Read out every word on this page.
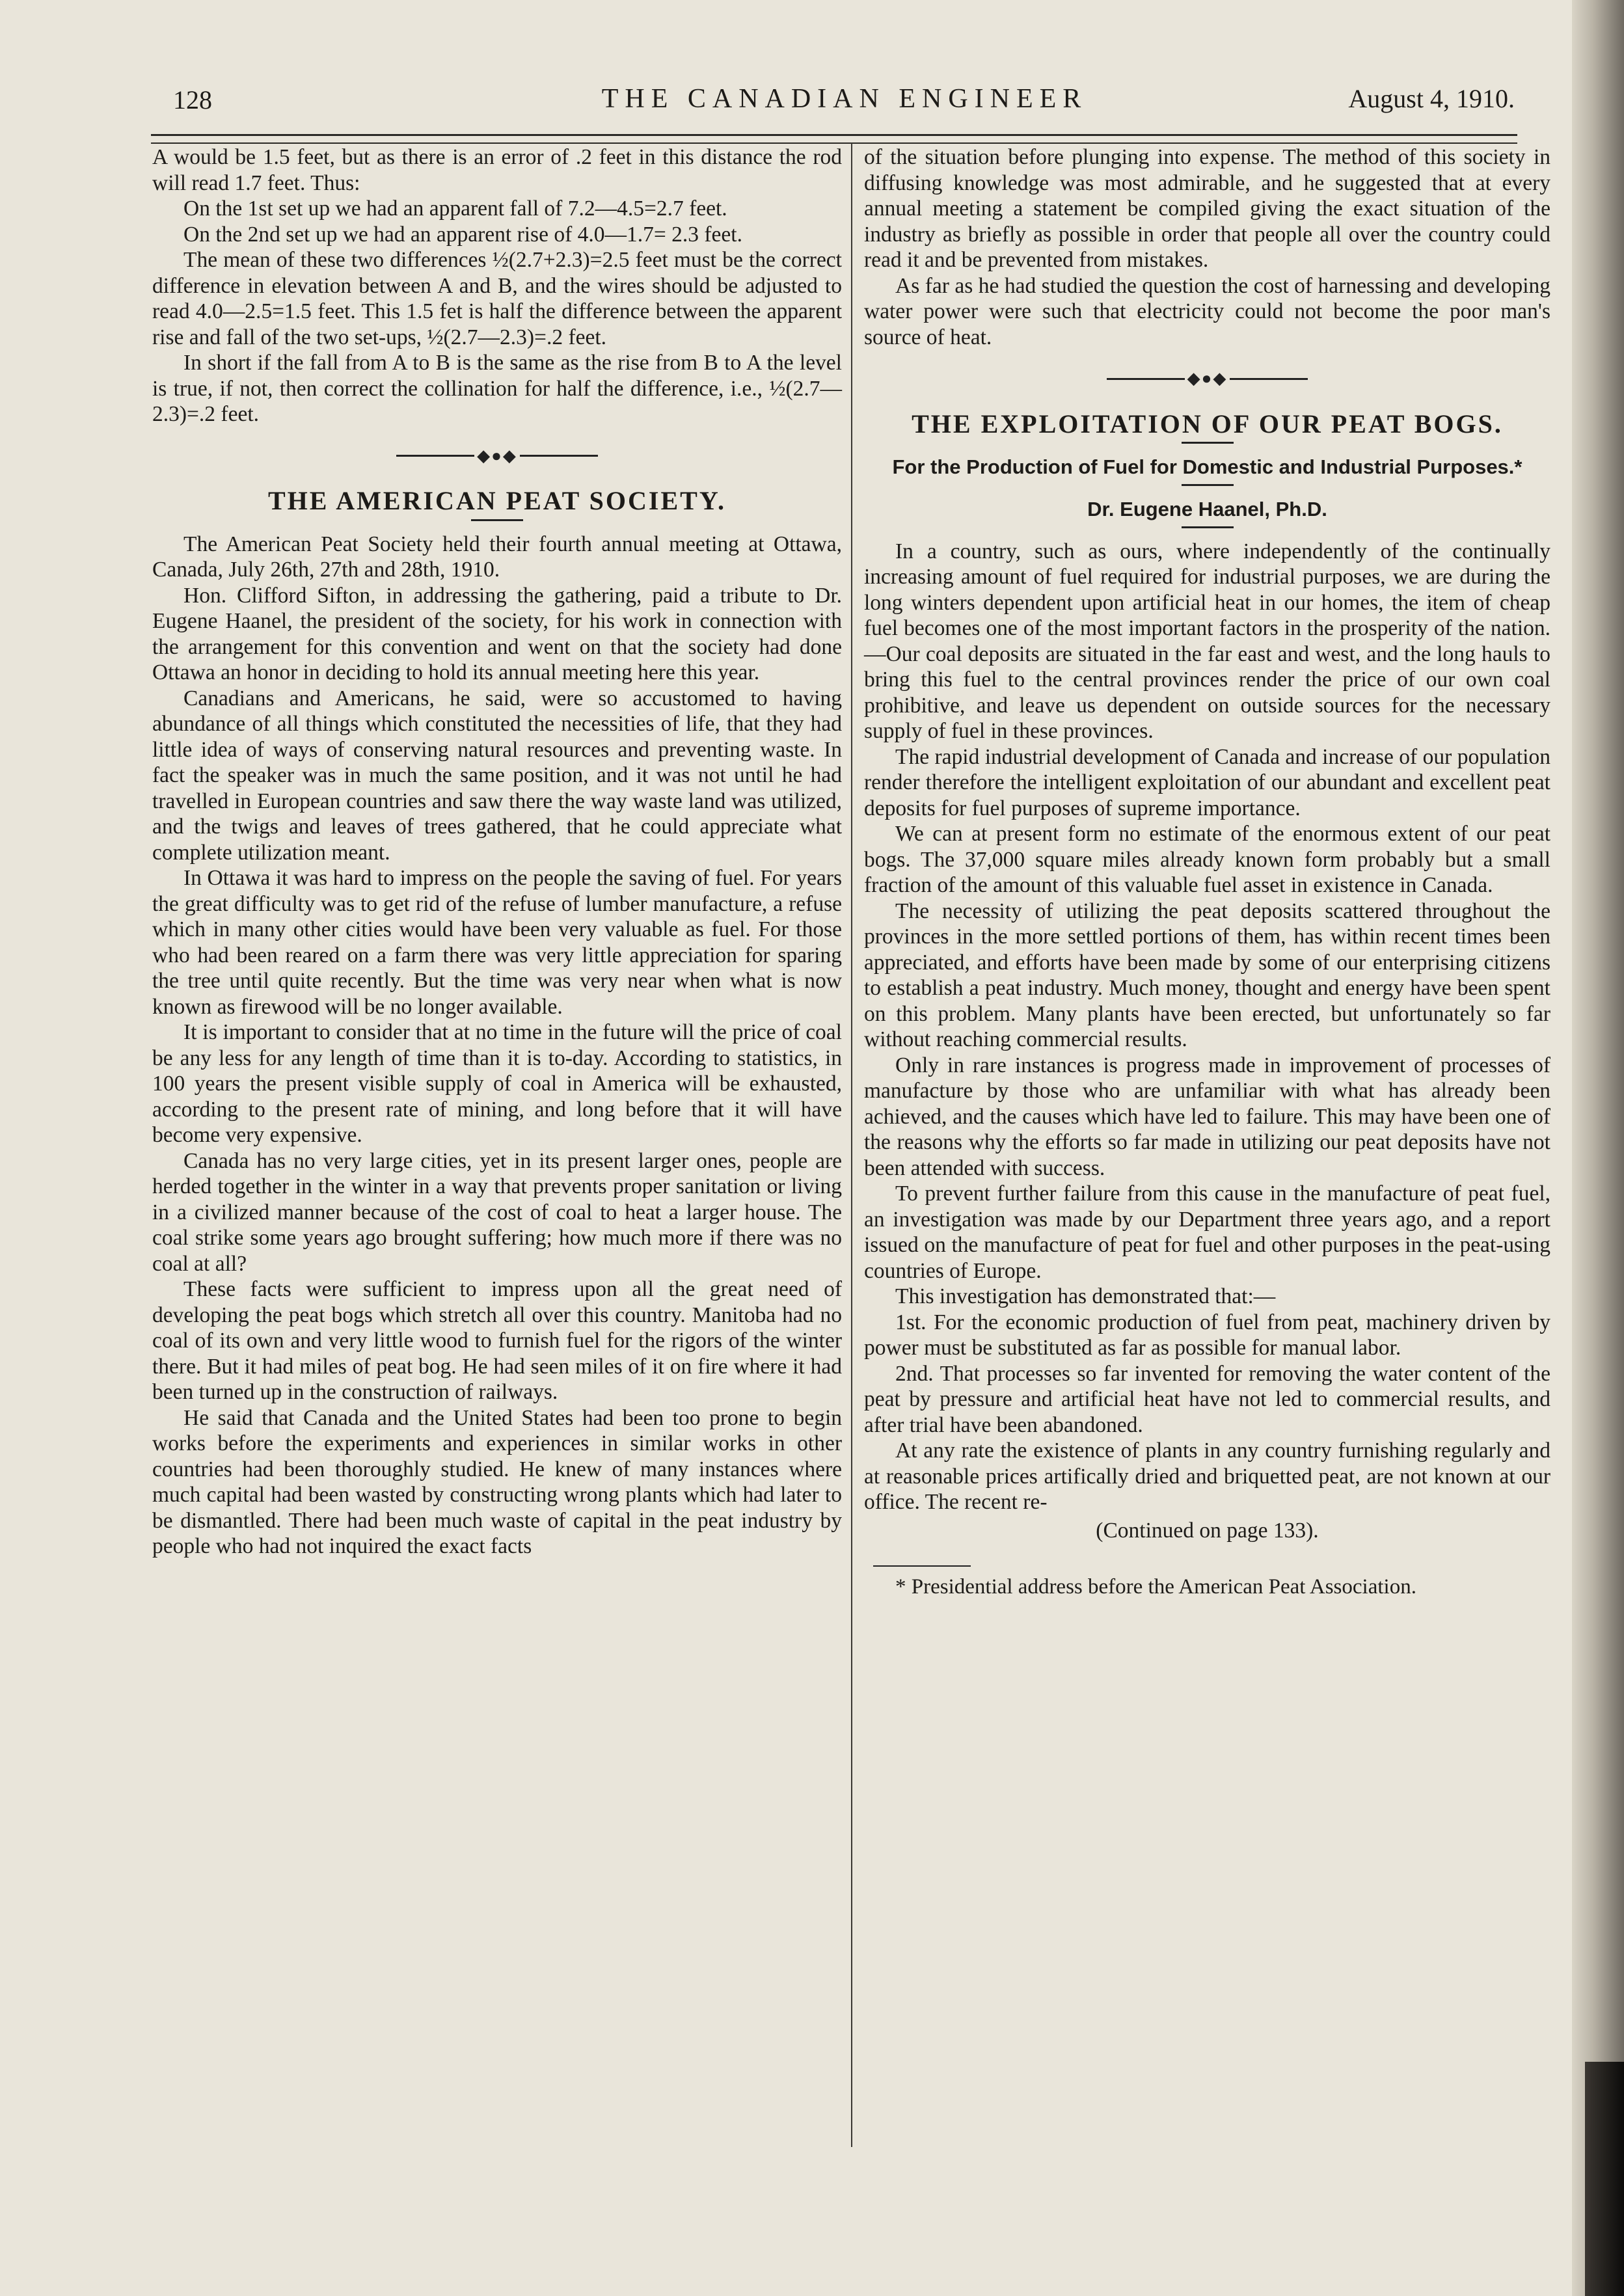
128	THE CANADIAN ENGINEER	August 4, 1910.

A would be 1.5 feet, but as there is an error of .2 feet in this distance the rod will read 1.7 feet. Thus:

On the 1st set up we had an apparent fall of 7.2—4.5=2.7 feet.

On the 2nd set up we had an apparent rise of 4.0—1.7= 2.3 feet.

The mean of these two differences ½(2.7+2.3)=2.5 feet must be the correct difference in elevation between A and B, and the wires should be adjusted to read 4.0—2.5=1.5 feet. This 1.5 fet is half the difference between the apparent rise and fall of the two set-ups, ½(2.7—2.3)=.2 feet.

In short if the fall from A to B is the same as the rise from B to A the level is true, if not, then correct the collination for half the difference, i.e., ½(2.7—2.3)=.2 feet.

◆●◆
THE AMERICAN PEAT SOCIETY.

The American Peat Society held their fourth annual meeting at Ottawa, Canada, July 26th, 27th and 28th, 1910.

Hon. Clifford Sifton, in addressing the gathering, paid a tribute to Dr. Eugene Haanel, the president of the society, for his work in connection with the arrangement for this convention and went on that the society had done Ottawa an honor in deciding to hold its annual meeting here this year.

Canadians and Americans, he said, were so accustomed to having abundance of all things which constituted the necessities of life, that they had little idea of ways of conserving natural resources and preventing waste. In fact the speaker was in much the same position, and it was not until he had travelled in European countries and saw there the way waste land was utilized, and the twigs and leaves of trees gathered, that he could appreciate what complete utilization meant.

In Ottawa it was hard to impress on the people the saving of fuel. For years the great difficulty was to get rid of the refuse of lumber manufacture, a refuse which in many other cities would have been very valuable as fuel. For those who had been reared on a farm there was very little appreciation for sparing the tree until quite recently. But the time was very near when what is now known as firewood will be no longer available.

It is important to consider that at no time in the future will the price of coal be any less for any length of time than it is to-day. According to statistics, in 100 years the present visible supply of coal in America will be exhausted, according to the present rate of mining, and long before that it will have become very expensive.

Canada has no very large cities, yet in its present larger ones, people are herded together in the winter in a way that prevents proper sanitation or living in a civilized manner because of the cost of coal to heat a larger house. The coal strike some years ago brought suffering; how much more if there was no coal at all?

These facts were sufficient to impress upon all the great need of developing the peat bogs which stretch all over this country. Manitoba had no coal of its own and very little wood to furnish fuel for the rigors of the winter there. But it had miles of peat bog. He had seen miles of it on fire where it had been turned up in the construction of railways.

He said that Canada and the United States had been too prone to begin works before the experiments and experiences in similar works in other countries had been thoroughly studied. He knew of many instances where much capital had been wasted by constructing wrong plants which had later to be dismantled. There had been much waste of capital in the peat industry by people who had not inquired the exact facts

of the situation before plunging into expense. The method of this society in diffusing knowledge was most admirable, and he suggested that at every annual meeting a statement be compiled giving the exact situation of the industry as briefly as possible in order that people all over the country could read it and be prevented from mistakes.

As far as he had studied the question the cost of harnessing and developing water power were such that electricity could not become the poor man's source of heat.

◆●◆
THE EXPLOITATION OF OUR PEAT BOGS.
For the Production of Fuel for Domestic and Industrial Purposes.*
Dr. Eugene Haanel, Ph.D.

In a country, such as ours, where independently of the continually increasing amount of fuel required for industrial purposes, we are during the long winters dependent upon artificial heat in our homes, the item of cheap fuel becomes one of the most important factors in the prosperity of the nation.—Our coal deposits are situated in the far east and west, and the long hauls to bring this fuel to the central provinces render the price of our own coal prohibitive, and leave us dependent on outside sources for the necessary supply of fuel in these provinces.

The rapid industrial development of Canada and increase of our population render therefore the intelligent exploitation of our abundant and excellent peat deposits for fuel purposes of supreme importance.

We can at present form no estimate of the enormous extent of our peat bogs. The 37,000 square miles already known form probably but a small fraction of the amount of this valuable fuel asset in existence in Canada.

The necessity of utilizing the peat deposits scattered throughout the provinces in the more settled portions of them, has within recent times been appreciated, and efforts have been made by some of our enterprising citizens to establish a peat industry. Much money, thought and energy have been spent on this problem. Many plants have been erected, but unfortunately so far without reaching commercial results.

Only in rare instances is progress made in improvement of processes of manufacture by those who are unfamiliar with what has already been achieved, and the causes which have led to failure. This may have been one of the reasons why the efforts so far made in utilizing our peat deposits have not been attended with success.

To prevent further failure from this cause in the manufacture of peat fuel, an investigation was made by our Department three years ago, and a report issued on the manufacture of peat for fuel and other purposes in the peat-using countries of Europe.

This investigation has demonstrated that:—

1st. For the economic production of fuel from peat, machinery driven by power must be substituted as far as possible for manual labor.

2nd. That processes so far invented for removing the water content of the peat by pressure and artificial heat have not led to commercial results, and after trial have been abandoned.

At any rate the existence of plants in any country furnishing regularly and at reasonable prices artifically dried and briquetted peat, are not known at our office. The recent re-

(Continued on page 133).

* Presidential address before the American Peat Association.
